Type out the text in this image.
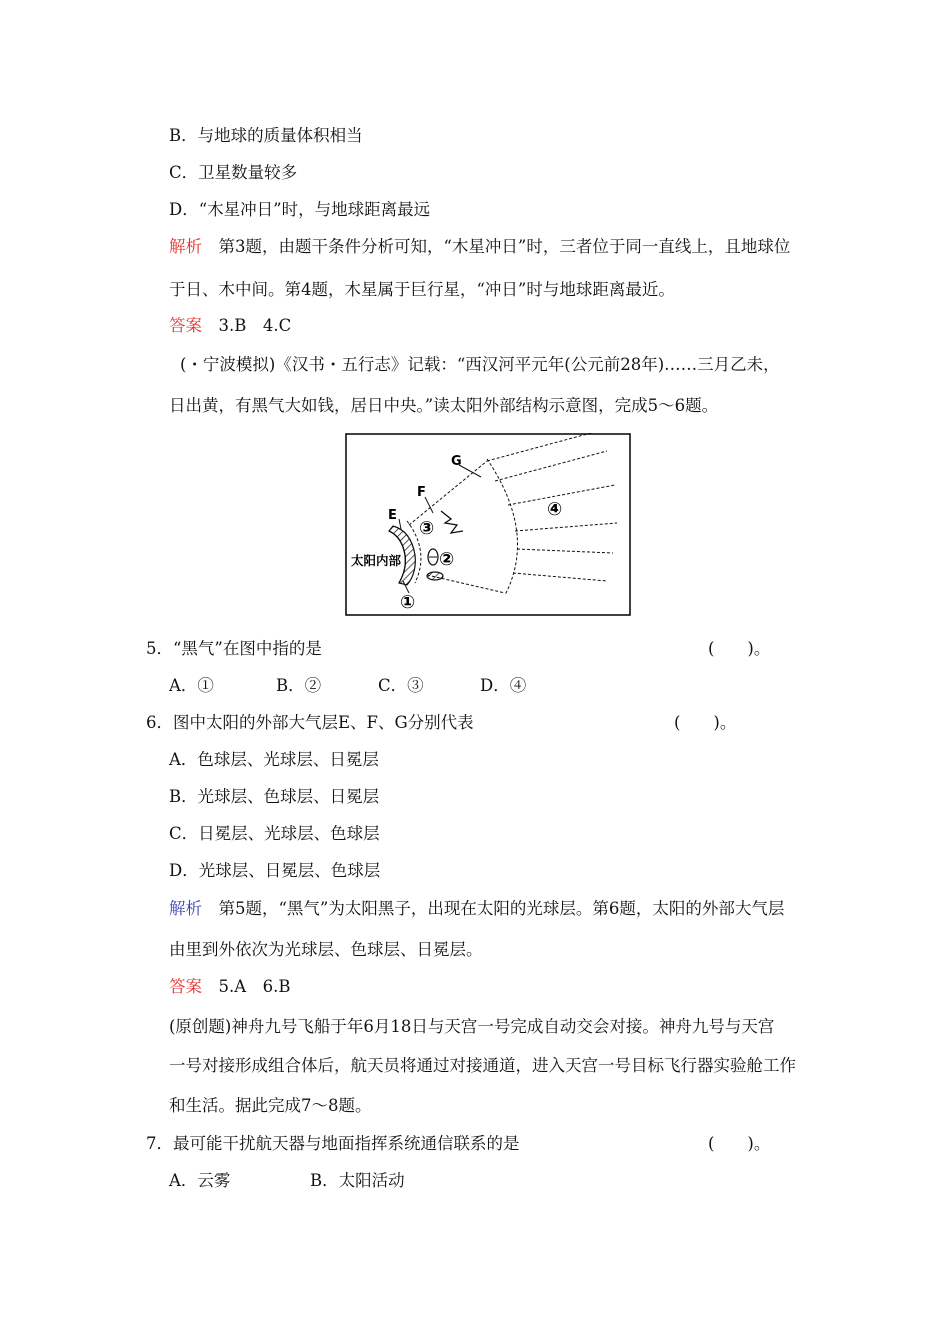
B．与地球的质量体积相当
C．卫星数量较多
D．“木星冲日”时，与地球距离最远
解析　第3题，由题干条件分析可知，“木星冲日”时，三者位于同一直线上，且地球位
于日、木中间。第4题，木星属于巨行星，“冲日”时与地球距离最近。
答案　3.B　4.C
(・宁波模拟)《汉书・五行志》记载：“西汉河平元年(公元前28年)……三月乙未，
日出黄，有黑气大如钱，居日中央。”读太阳外部结构示意图，完成5～6题。
G
F
E
太阳内部
③
②
④
①
5．“黑气”在图中指的是	(　　)。
A．①	B．②	C．③	D．④
6．图中太阳的外部大气层E、F、G分别代表	(　　)。
A．色球层、光球层、日冕层
B．光球层、色球层、日冕层
C．日冕层、光球层、色球层
D．光球层、日冕层、色球层
解析　第5题，“黑气”为太阳黑子，出现在太阳的光球层。第6题，太阳的外部大气层
由里到外依次为光球层、色球层、日冕层。
答案　5.A　6.B
(原创题)神舟九号飞船于年6月18日与天宫一号完成自动交会对接。神舟九号与天宫
一号对接形成组合体后，航天员将通过对接通道，进入天宫一号目标飞行器实验舱工作
和生活。据此完成7～8题。
7．最可能干扰航天器与地面指挥系统通信联系的是	(　　)。
A．云雾	B．太阳活动
